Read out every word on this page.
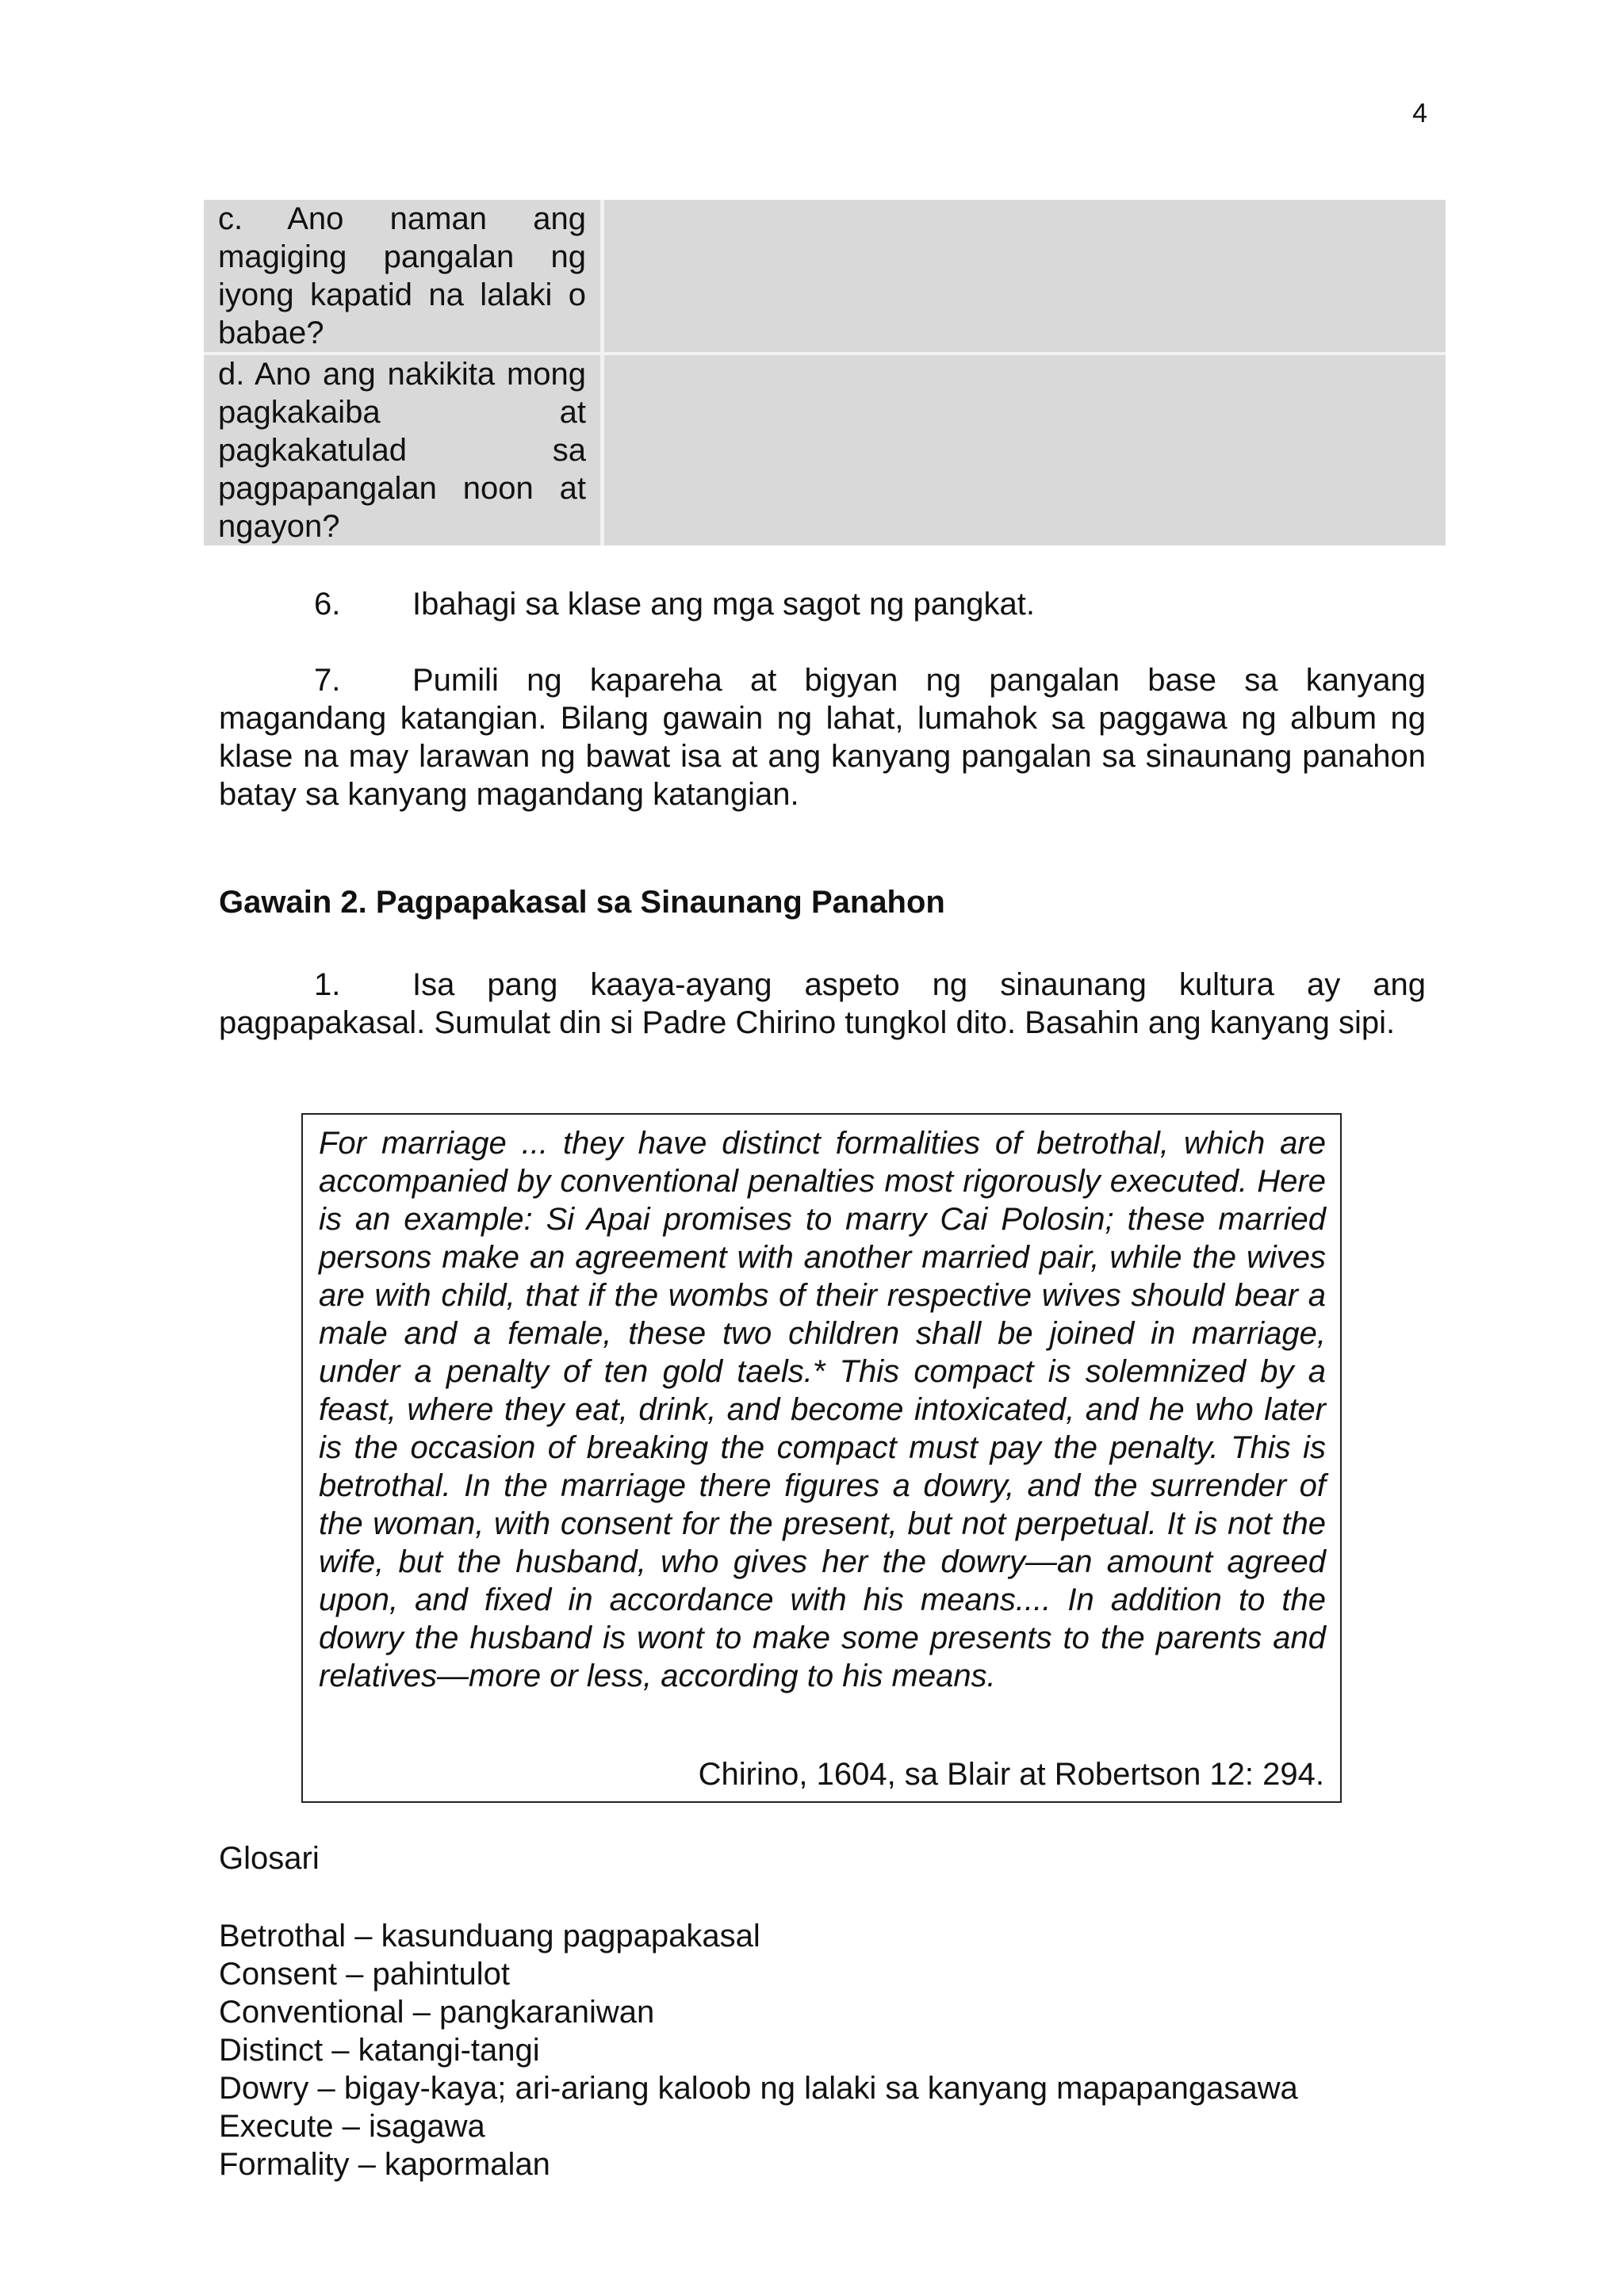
4
c. Ano naman ang magiging pangalan ng iyong kapatid na lalaki o babae?	
d. Ano ang nakikita mong pagkakaiba at pagkakatulad sa pagpapangalan noon at ngayon?	
6. Ibahagi sa klase ang mga sagot ng pangkat.
7. Pumili ng kapareha at bigyan ng pangalan base sa kanyang magandang katangian. Bilang gawain ng lahat, lumahok sa paggawa ng album ng klase na may larawan ng bawat isa at ang kanyang pangalan sa sinaunang panahon batay sa kanyang magandang katangian.
Gawain 2. Pagpapakasal sa Sinaunang Panahon
1. Isa pang kaaya-ayang aspeto ng sinaunang kultura ay ang pagpapakasal. Sumulat din si Padre Chirino tungkol dito. Basahin ang kanyang sipi.

For marriage ... they have distinct formalities of betrothal, which are accompanied by conventional penalties most rigorously executed. Here is an example: Si Apai promises to marry Cai Polosin; these married persons make an agreement with another married pair, while the wives are with child, that if the wombs of their respective wives should bear a male and a female, these two children shall be joined in marriage, under a penalty of ten gold taels.* This compact is solemnized by a feast, where they eat, drink, and become intoxicated, and he who later is the occasion of breaking the compact must pay the penalty. This is betrothal. In the marriage there figures a dowry, and the surrender of the woman, with consent for the present, but not perpetual. It is not the wife, but the husband, who gives her the dowry—an amount agreed upon, and fixed in accordance with his means.... In addition to the dowry the husband is wont to make some presents to the parents and relatives—more or less, according to his means.

Chirino, 1604, sa Blair at Robertson 12: 294.
Glosari
Betrothal – kasunduang pagpapakasal
Consent – pahintulot
Conventional – pangkaraniwan
Distinct – katangi-tangi
Dowry – bigay-kaya; ari-ariang kaloob ng lalaki sa kanyang mapapangasawa
Execute – isagawa
Formality – kapormalan
